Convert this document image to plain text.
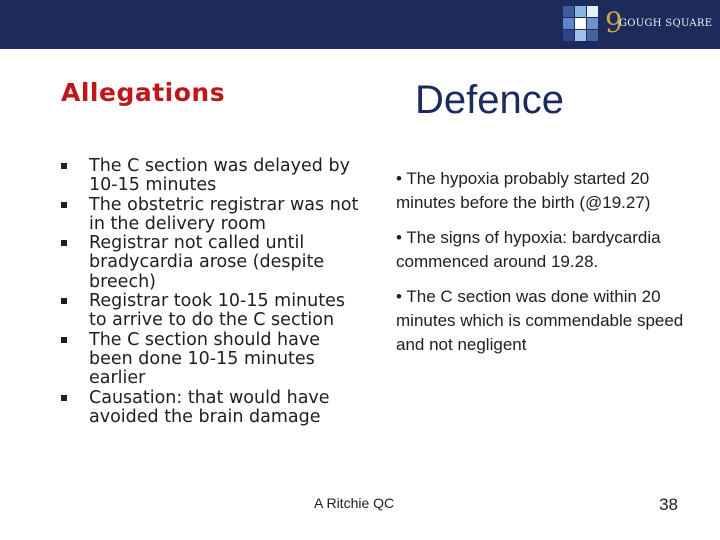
9
GOUGH SQUARE
Allegations	Defence
The C section was delayed by 10-15 minutes
The obstetric registrar was not in the delivery room
Registrar not called until bradycardia arose (despite breech)
Registrar took 10-15 minutes to arrive to do the C section
The C section should have been done 10-15 minutes earlier
Causation: that would have avoided the brain damage

• The hypoxia probably started 20 minutes before the birth (@19.27)

• The signs of hypoxia: bardycardia commenced around 19.28.

• The C section was done within 20 minutes which is commendable speed and not negligent

A Ritchie QC	38
